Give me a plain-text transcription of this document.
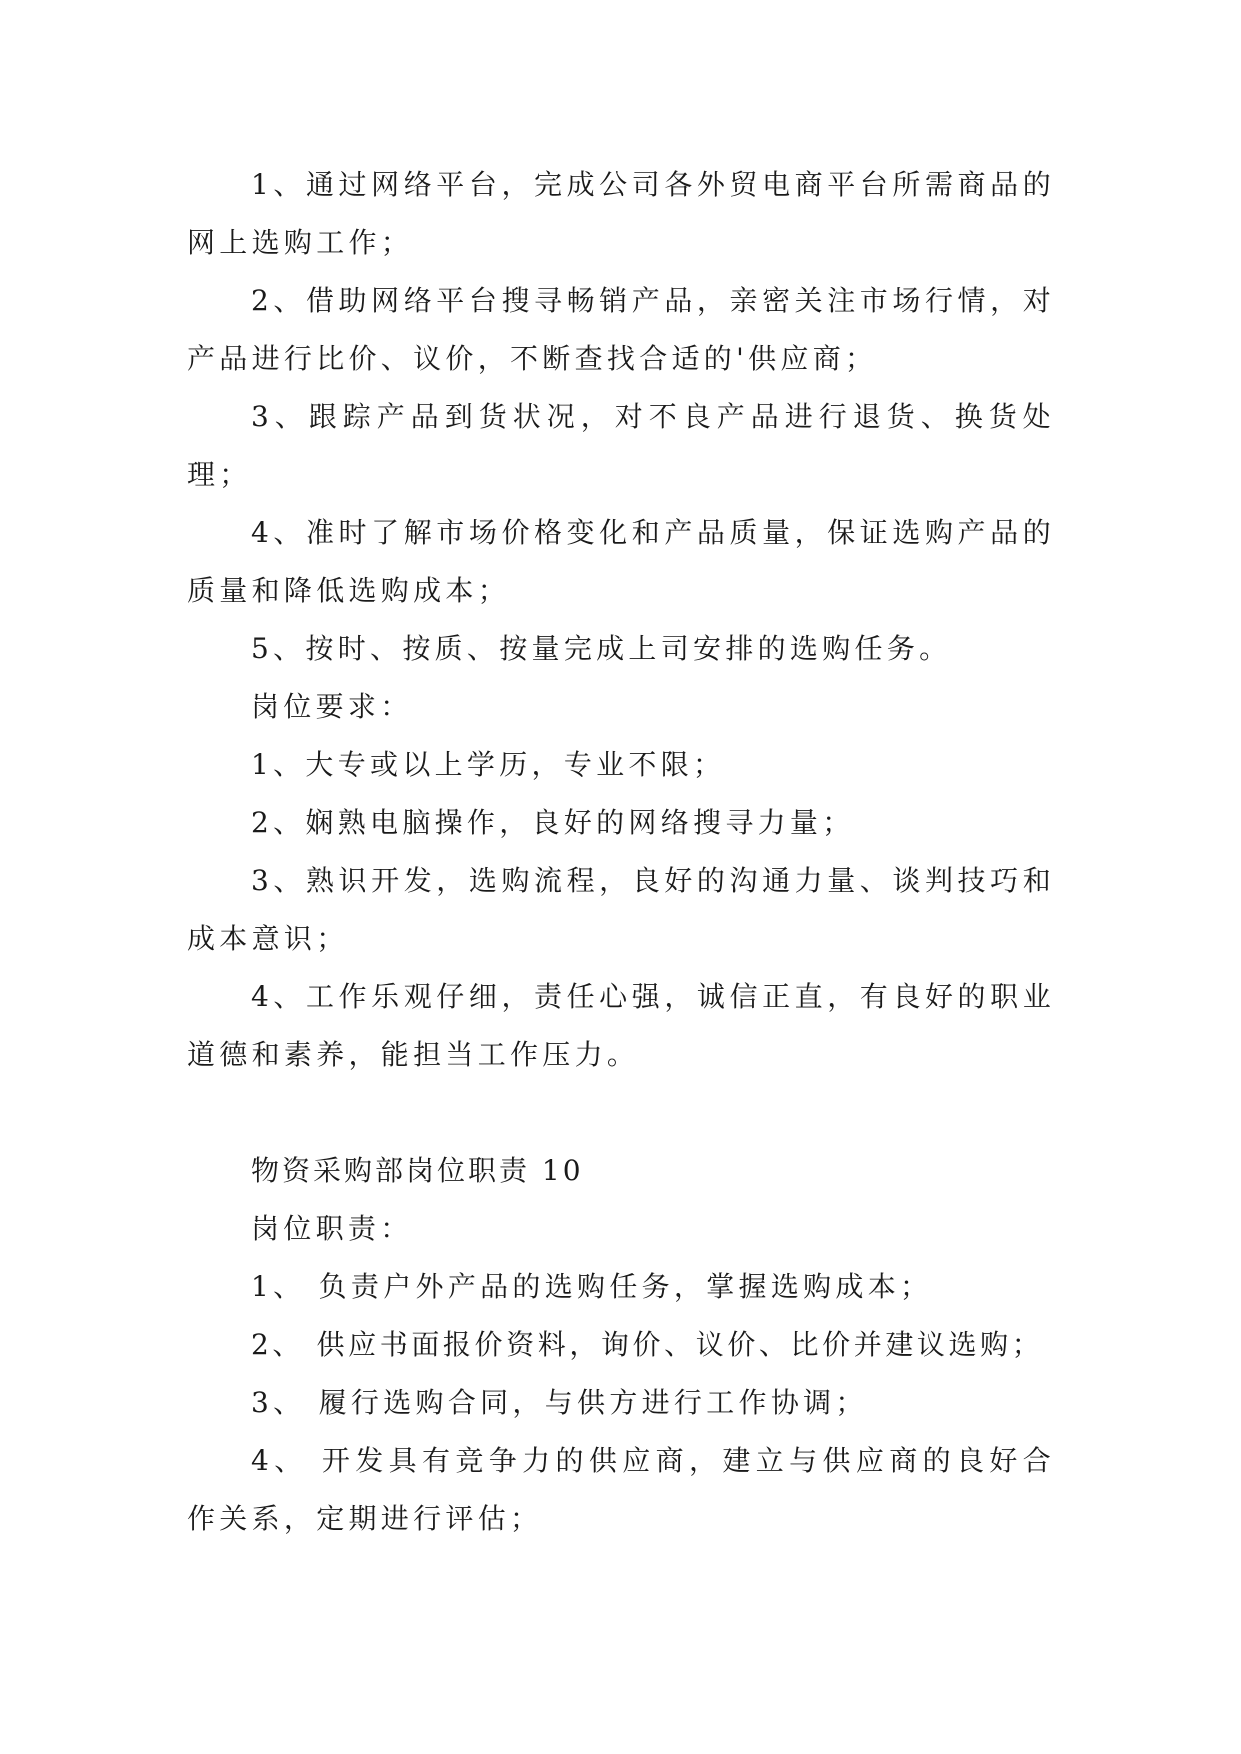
1、通过网络平台，完成公司各外贸电商平台所需商品的网上选购工作；

2、借助网络平台搜寻畅销产品，亲密关注市场行情，对产品进行比价、议价，不断查找合适的'供应商；

3、跟踪产品到货状况，对不良产品进行退货、换货处理；

4、准时了解市场价格变化和产品质量，保证选购产品的质量和降低选购成本；

5、按时、按质、按量完成上司安排的选购任务。

岗位要求：

1、大专或以上学历，专业不限；

2、娴熟电脑操作，良好的网络搜寻力量；

3、熟识开发，选购流程，良好的沟通力量、谈判技巧和成本意识；

4、工作乐观仔细，责任心强，诚信正直，有良好的职业道德和素养，能担当工作压力。

物资采购部岗位职责 10

岗位职责：

1、 负责户外产品的选购任务，掌握选购成本；

2、 供应书面报价资料，询价、议价、比价并建议选购；

3、 履行选购合同，与供方进行工作协调；

4、 开发具有竞争力的供应商，建立与供应商的良好合作关系，定期进行评估；
